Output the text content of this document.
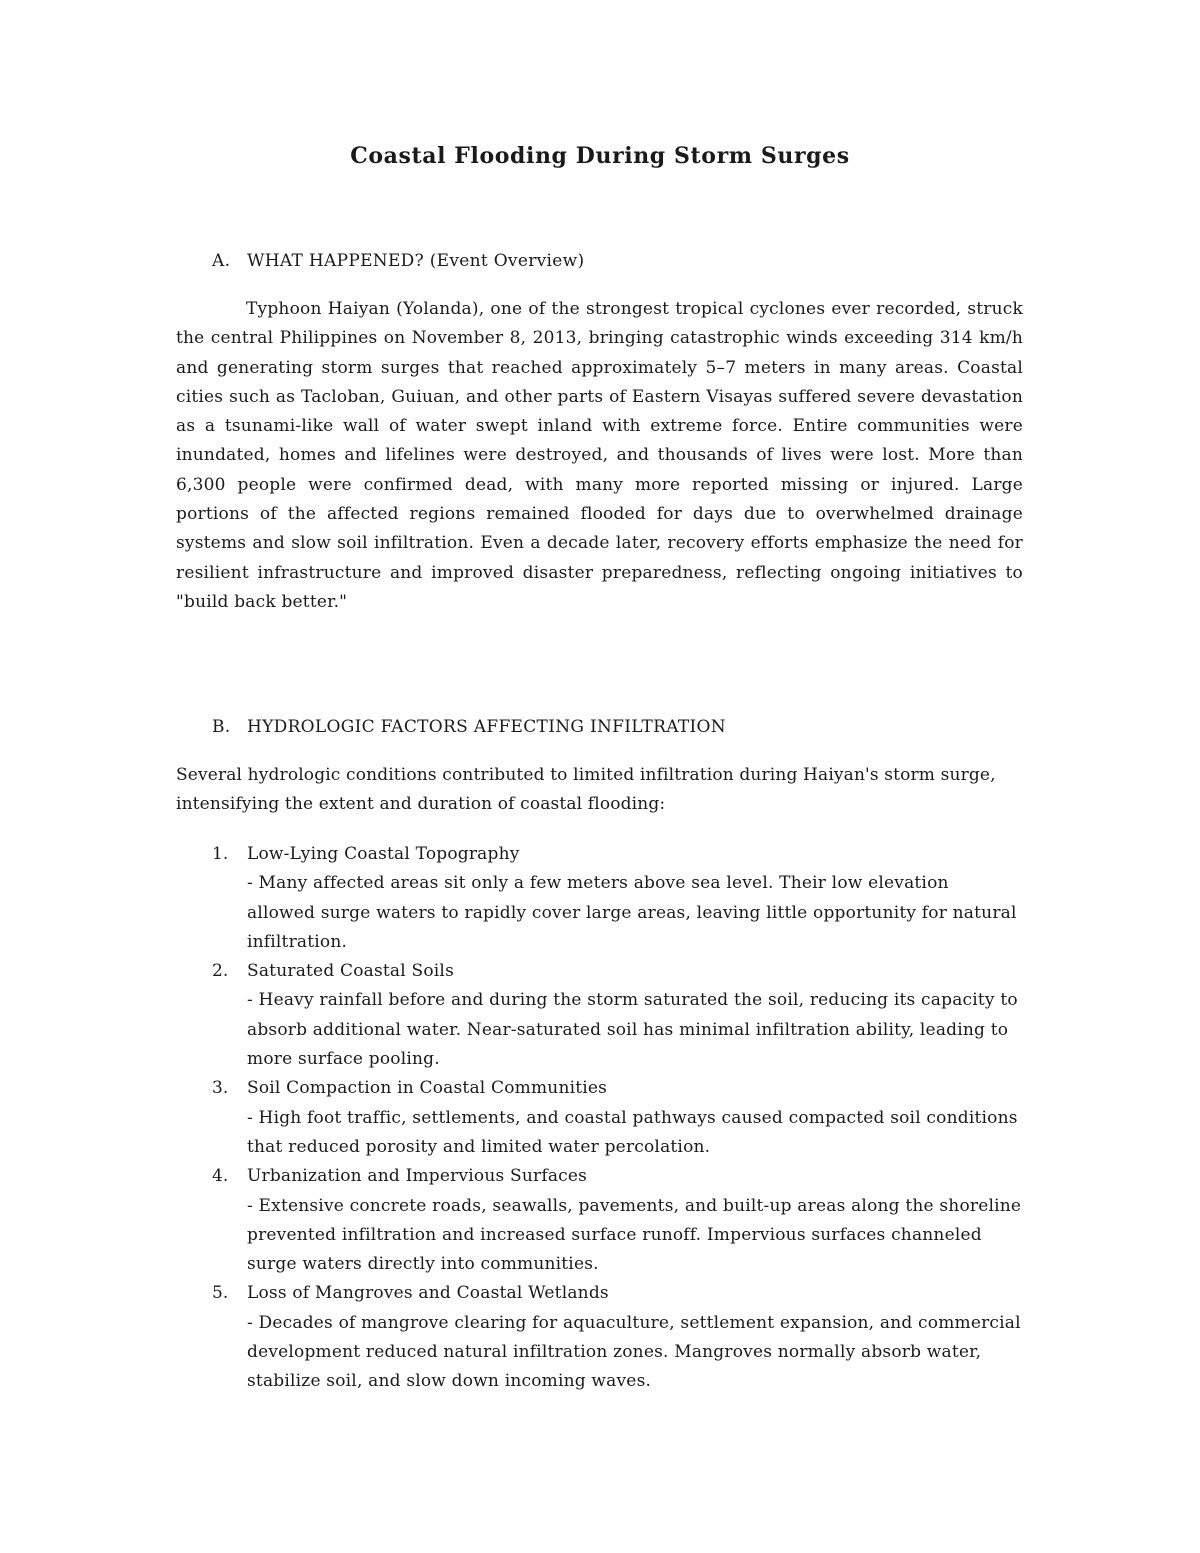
Coastal Flooding During Storm Surges
A. WHAT HAPPENED? (Event Overview)

Typhoon Haiyan (Yolanda), one of the strongest tropical cyclones ever recorded, struck the central Philippines on November 8, 2013, bringing catastrophic winds exceeding 314 km/h and generating storm surges that reached approximately 5–7 meters in many areas. Coastal cities such as Tacloban, Guiuan, and other parts of Eastern Visayas suffered severe devastation as a tsunami-like wall of water swept inland with extreme force. Entire communities were inundated, homes and lifelines were destroyed, and thousands of lives were lost. More than 6,300 people were confirmed dead, with many more reported missing or injured. Large portions of the affected regions remained flooded for days due to overwhelmed drainage systems and slow soil infiltration. Even a decade later, recovery efforts emphasize the need for resilient infrastructure and improved disaster preparedness, reflecting ongoing initiatives to "build back better."

B. HYDROLOGIC FACTORS AFFECTING INFILTRATION

Several hydrologic conditions contributed to limited infiltration during Haiyan's storm surge, intensifying the extent and duration of coastal flooding:

1. Low-Lying Coastal Topography
- Many affected areas sit only a few meters above sea level. Their low elevation allowed surge waters to rapidly cover large areas, leaving little opportunity for natural infiltration.
2. Saturated Coastal Soils
- Heavy rainfall before and during the storm saturated the soil, reducing its capacity to absorb additional water. Near-saturated soil has minimal infiltration ability, leading to more surface pooling.
3. Soil Compaction in Coastal Communities
- High foot traffic, settlements, and coastal pathways caused compacted soil conditions that reduced porosity and limited water percolation.
4. Urbanization and Impervious Surfaces
- Extensive concrete roads, seawalls, pavements, and built-up areas along the shoreline prevented infiltration and increased surface runoff. Impervious surfaces channeled surge waters directly into communities.
5. Loss of Mangroves and Coastal Wetlands
- Decades of mangrove clearing for aquaculture, settlement expansion, and commercial development reduced natural infiltration zones. Mangroves normally absorb water, stabilize soil, and slow down incoming waves.
